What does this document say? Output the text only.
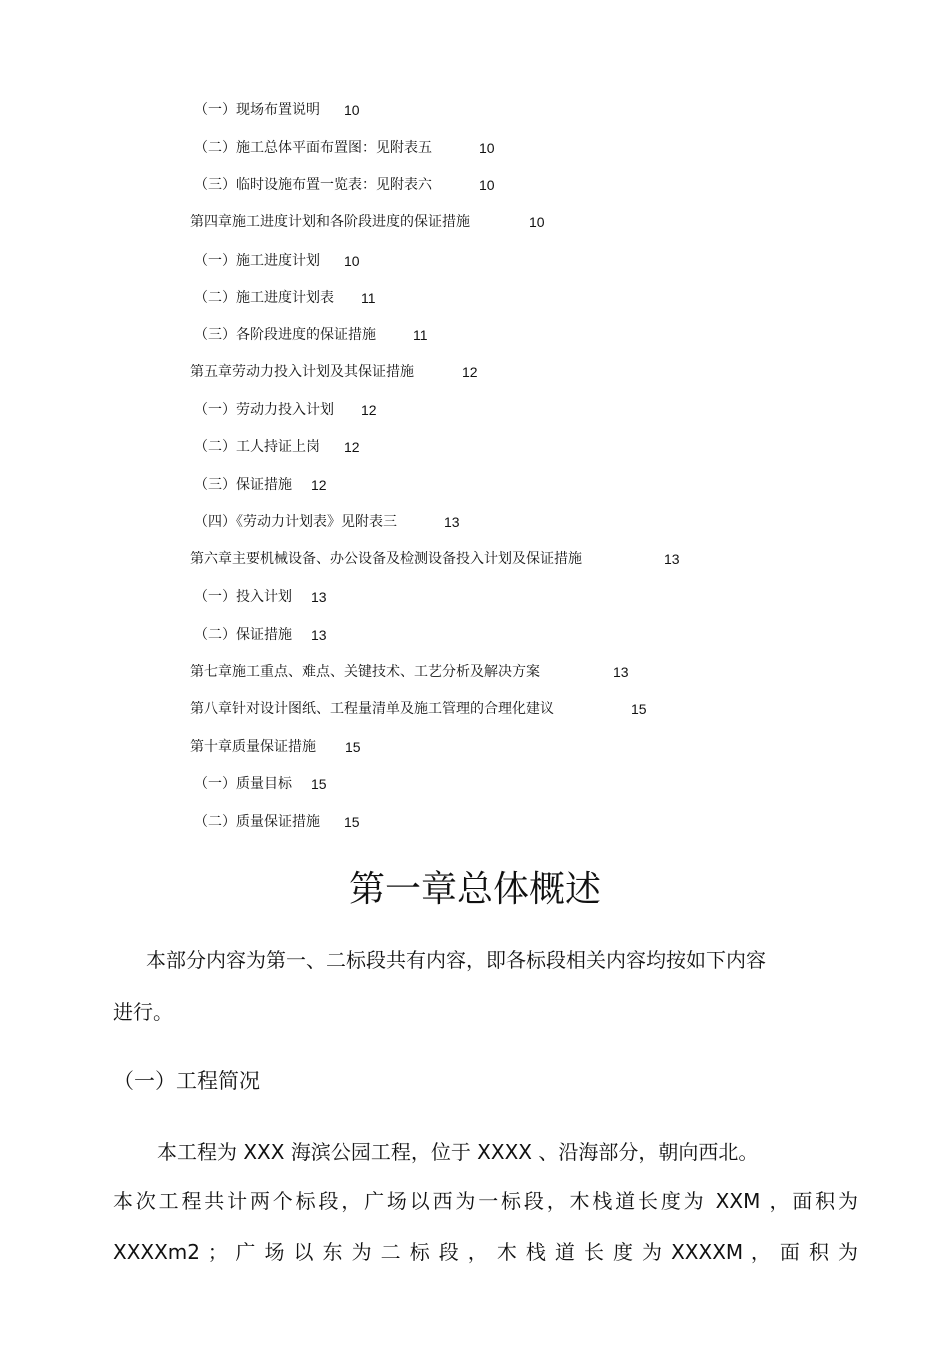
（一）现场布置说明 10
（二）施工总体平面布置图：见附表五	10
（三）临时设施布置一览表：见附表六	10
第四章施工进度计划和各阶段进度的保证措施	10
（一）施工进度计划 10
（二）施工进度计划表 11
（三）各阶段进度的保证措施	11
第五章劳动力投入计划及其保证措施	12
（一）劳动力投入计划 12
（二）工人持证上岗 12
（三）保证措施 12
（四）《劳动力计划表》见附表三	13
第六章主要机械设备、办公设备及检测设备投入计划及保证措施	13
（一）投入计划 13
（二）保证措施 13
第七章施工重点、难点、关键技术、工艺分析及解决方案	13
第八章针对设计图纸、工程量清单及施工管理的合理化建议	15
第十章质量保证措施 15
（一）质量目标 15
（二）质量保证措施 15
第一章总体概述
本部分内容为第一、二标段共有内容，即各标段相关内容均按如下内容
进行。
（一）工程简况
本工程为 XXX 海滨公园工程，位于 XXXX 、沿海部分，朝向西北。
本次工程共计两个标段，广场以西为一标段，木栈道长度为 XXM ，面积为
XXXXm2 ； 广 场 以 东 为 二 标 段 ， 木 栈 道 长 度 为 XXXXM ， 面 积 为
